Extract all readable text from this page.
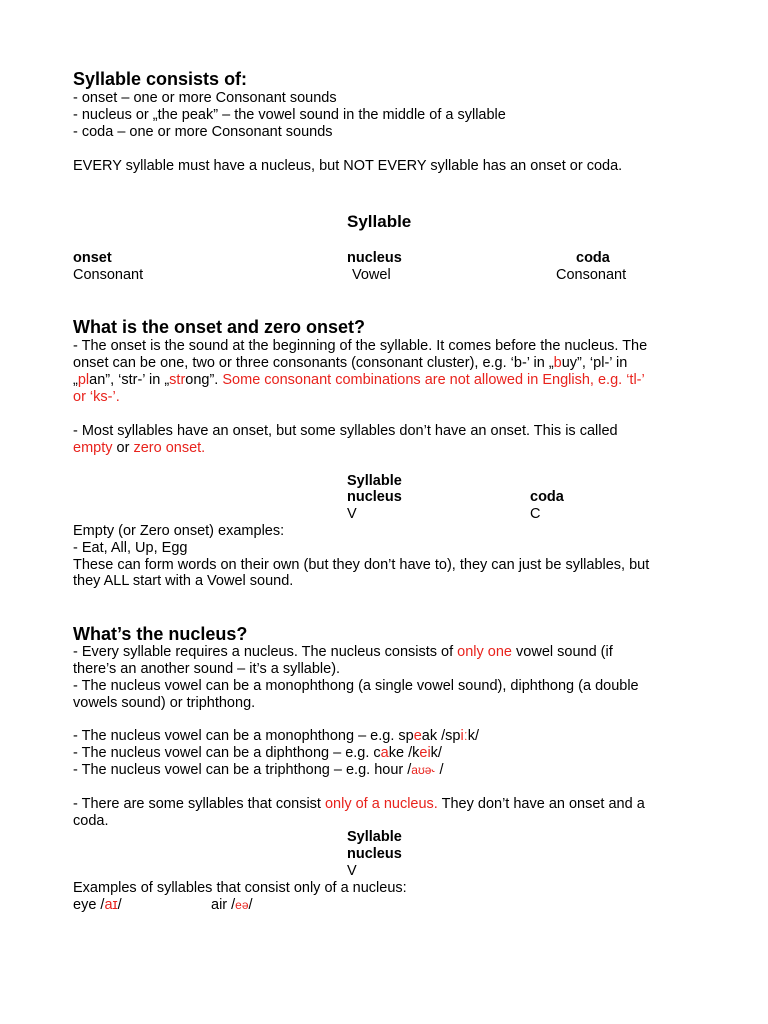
Syllable consists of:
- onset – one or more Consonant sounds
- nucleus or „the peak” – the vowel sound in the middle of a syllable
- coda – one or more Consonant sounds
EVERY syllable must have a nucleus, but NOT EVERY syllable has an onset or coda.
Syllable
onset
Consonant
nucleus
Vowel
coda
Consonant
What is the onset and zero onset?
- The onset is the sound at the beginning of the syllable. It comes before the nucleus. The
onset can be one, two or three consonants (consonant cluster), e.g. ‘b-’ in „buy”, ‘pl-’ in
„plan”, ‘str-’ in „strong”. Some consonant combinations are not allowed in English, e.g. ‘tl-’
or ‘ks-’.
- Most syllables have an onset, but some syllables don’t have an onset. This is called
empty or zero onset.
Syllable
nucleus
V
coda
C
Empty (or Zero onset) examples:
- Eat, All, Up, Egg
These can form words on their own (but they don’t have to), they can just be syllables, but
they ALL start with a Vowel sound.
What’s the nucleus?
- Every syllable requires a nucleus. The nucleus consists of only one vowel sound (if
there’s an another sound – it’s a syllable).
- The nucleus vowel can be a monophthong (a single vowel sound), diphthong (a double
vowels sound) or triphthong.
- The nucleus vowel can be a monophthong – e.g. speak /spiːk/
- The nucleus vowel can be a diphthong – e.g. cake /keik/
- The nucleus vowel can be a triphthong – e.g. hour /aʊə˞ /
- There are some syllables that consist only of a nucleus. They don’t have an onset and a
coda.
Syllable
nucleus
V
Examples of syllables that consist only of a nucleus:
eye /aɪ/	air /eə/
